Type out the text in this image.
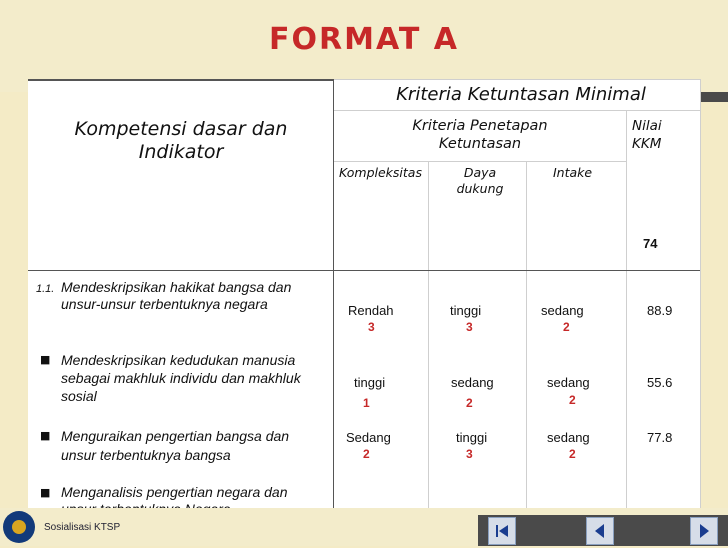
FORMAT A
Kompetensi dasar dan Indikator
Kriteria Ketuntasan Minimal
Kriteria Penetapan Ketuntasan
Nilai KKM
Kompleksitas	Daya dukung
Intake
74
1.1. Mendeskripsikan hakikat bangsa dan
unsur-unsur terbentuknya negara	Rendah
3
tinggi
3
sedang
2
88.9
■ Mendeskripsikan kedudukan manusia
sebagai makhluk individu dan makhluk
sosial
tinggi
1
sedang
2
sedang
2
55.6
■ Menguraikan pengertian bangsa dan
unsur terbentuknya bangsa
Sedang
2
tinggi
3
sedang
2
77.8
■ Menganalisis pengertian negara dan
Sosialisasi KTSP
